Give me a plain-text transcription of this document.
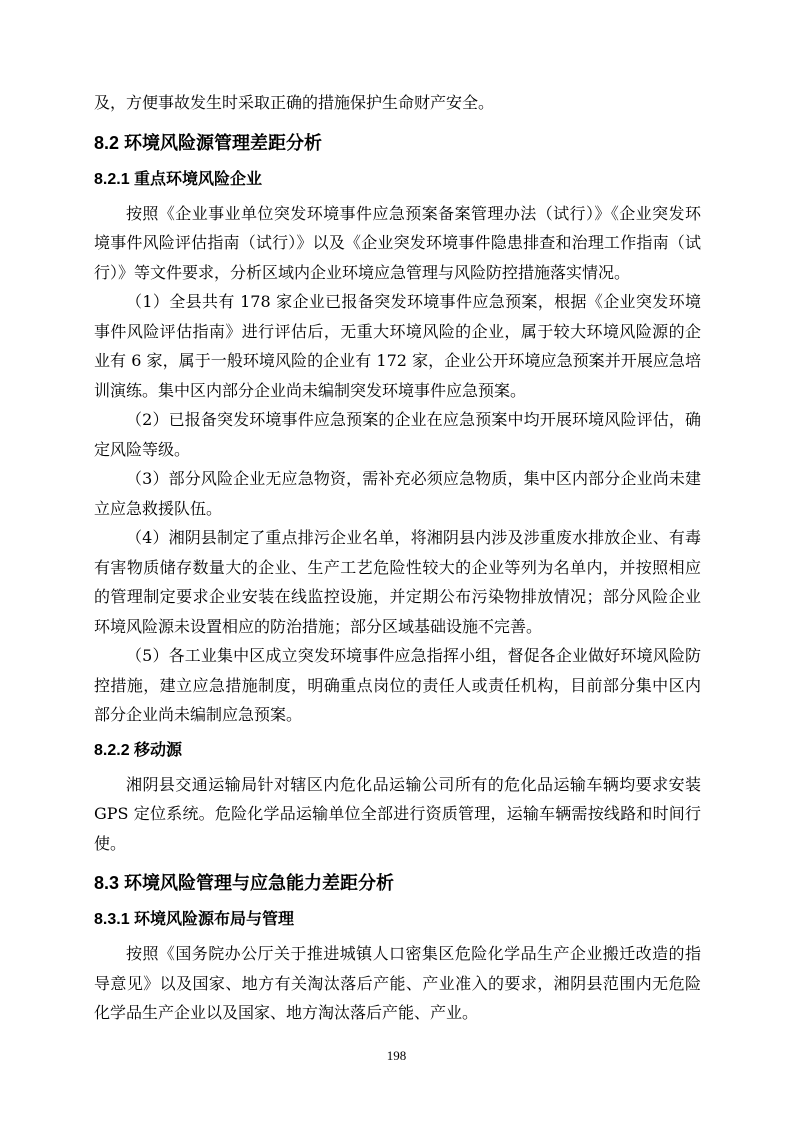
及，方便事故发生时采取正确的措施保护生命财产安全。

8.2 环境风险源管理差距分析
8.2.1 重点环境风险企业

按照《企业事业单位突发环境事件应急预案备案管理办法（试行）》《企业突发环境事件风险评估指南（试行）》以及《企业突发环境事件隐患排查和治理工作指南（试行）》等文件要求，分析区域内企业环境应急管理与风险防控措施落实情况。

（1）全县共有 178 家企业已报备突发环境事件应急预案，根据《企业突发环境事件风险评估指南》进行评估后，无重大环境风险的企业，属于较大环境风险源的企业有 6 家，属于一般环境风险的企业有 172 家，企业公开环境应急预案并开展应急培训演练。集中区内部分企业尚未编制突发环境事件应急预案。

（2）已报备突发环境事件应急预案的企业在应急预案中均开展环境风险评估，确定风险等级。

（3）部分风险企业无应急物资，需补充必须应急物质，集中区内部分企业尚未建立应急救援队伍。

（4）湘阴县制定了重点排污企业名单，将湘阴县内涉及涉重废水排放企业、有毒有害物质储存数量大的企业、生产工艺危险性较大的企业等列为名单内，并按照相应的管理制定要求企业安装在线监控设施，并定期公布污染物排放情况；部分风险企业环境风险源未设置相应的防治措施；部分区域基础设施不完善。

（5）各工业集中区成立突发环境事件应急指挥小组，督促各企业做好环境风险防控措施，建立应急措施制度，明确重点岗位的责任人或责任机构，目前部分集中区内部分企业尚未编制应急预案。

8.2.2 移动源

湘阴县交通运输局针对辖区内危化品运输公司所有的危化品运输车辆均要求安装 GPS 定位系统。危险化学品运输单位全部进行资质管理，运输车辆需按线路和时间行使。

8.3 环境风险管理与应急能力差距分析
8.3.1 环境风险源布局与管理

按照《国务院办公厅关于推进城镇人口密集区危险化学品生产企业搬迁改造的指导意见》以及国家、地方有关淘汰落后产能、产业准入的要求，湘阴县范围内无危险化学品生产企业以及国家、地方淘汰落后产能、产业。

198
